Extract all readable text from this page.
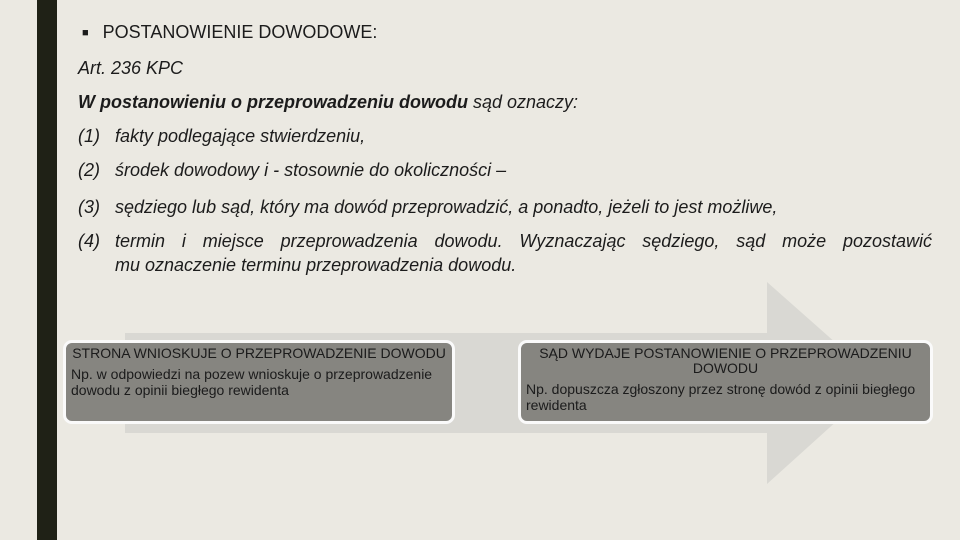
■ POSTANOWIENIE DOWODOWE:
Art. 236 KPC
W postanowieniu o przeprowadzeniu dowodu sąd oznaczy:
(1) fakty podlegające stwierdzeniu,
(2) środek dowodowy i - stosownie do okoliczności –
(3) sędziego lub sąd, który ma dowód przeprowadzić, a ponadto, jeżeli to jest możliwe,
(4) termin i miejsce przeprowadzenia dowodu. Wyznaczając sędziego, sąd może pozostawić
mu oznaczenie terminu przeprowadzenia dowodu.
STRONA WNIOSKUJE O PRZEPROWADZENIE DOWODU
Np. w odpowiedzi na pozew wnioskuje o przeprowadzenie dowodu z opinii biegłego rewidenta
SĄD WYDAJE POSTANOWIENIE O PRZEPROWADZENIU DOWODU
Np. dopuszcza zgłoszony przez stronę dowód z opinii biegłego rewidenta
